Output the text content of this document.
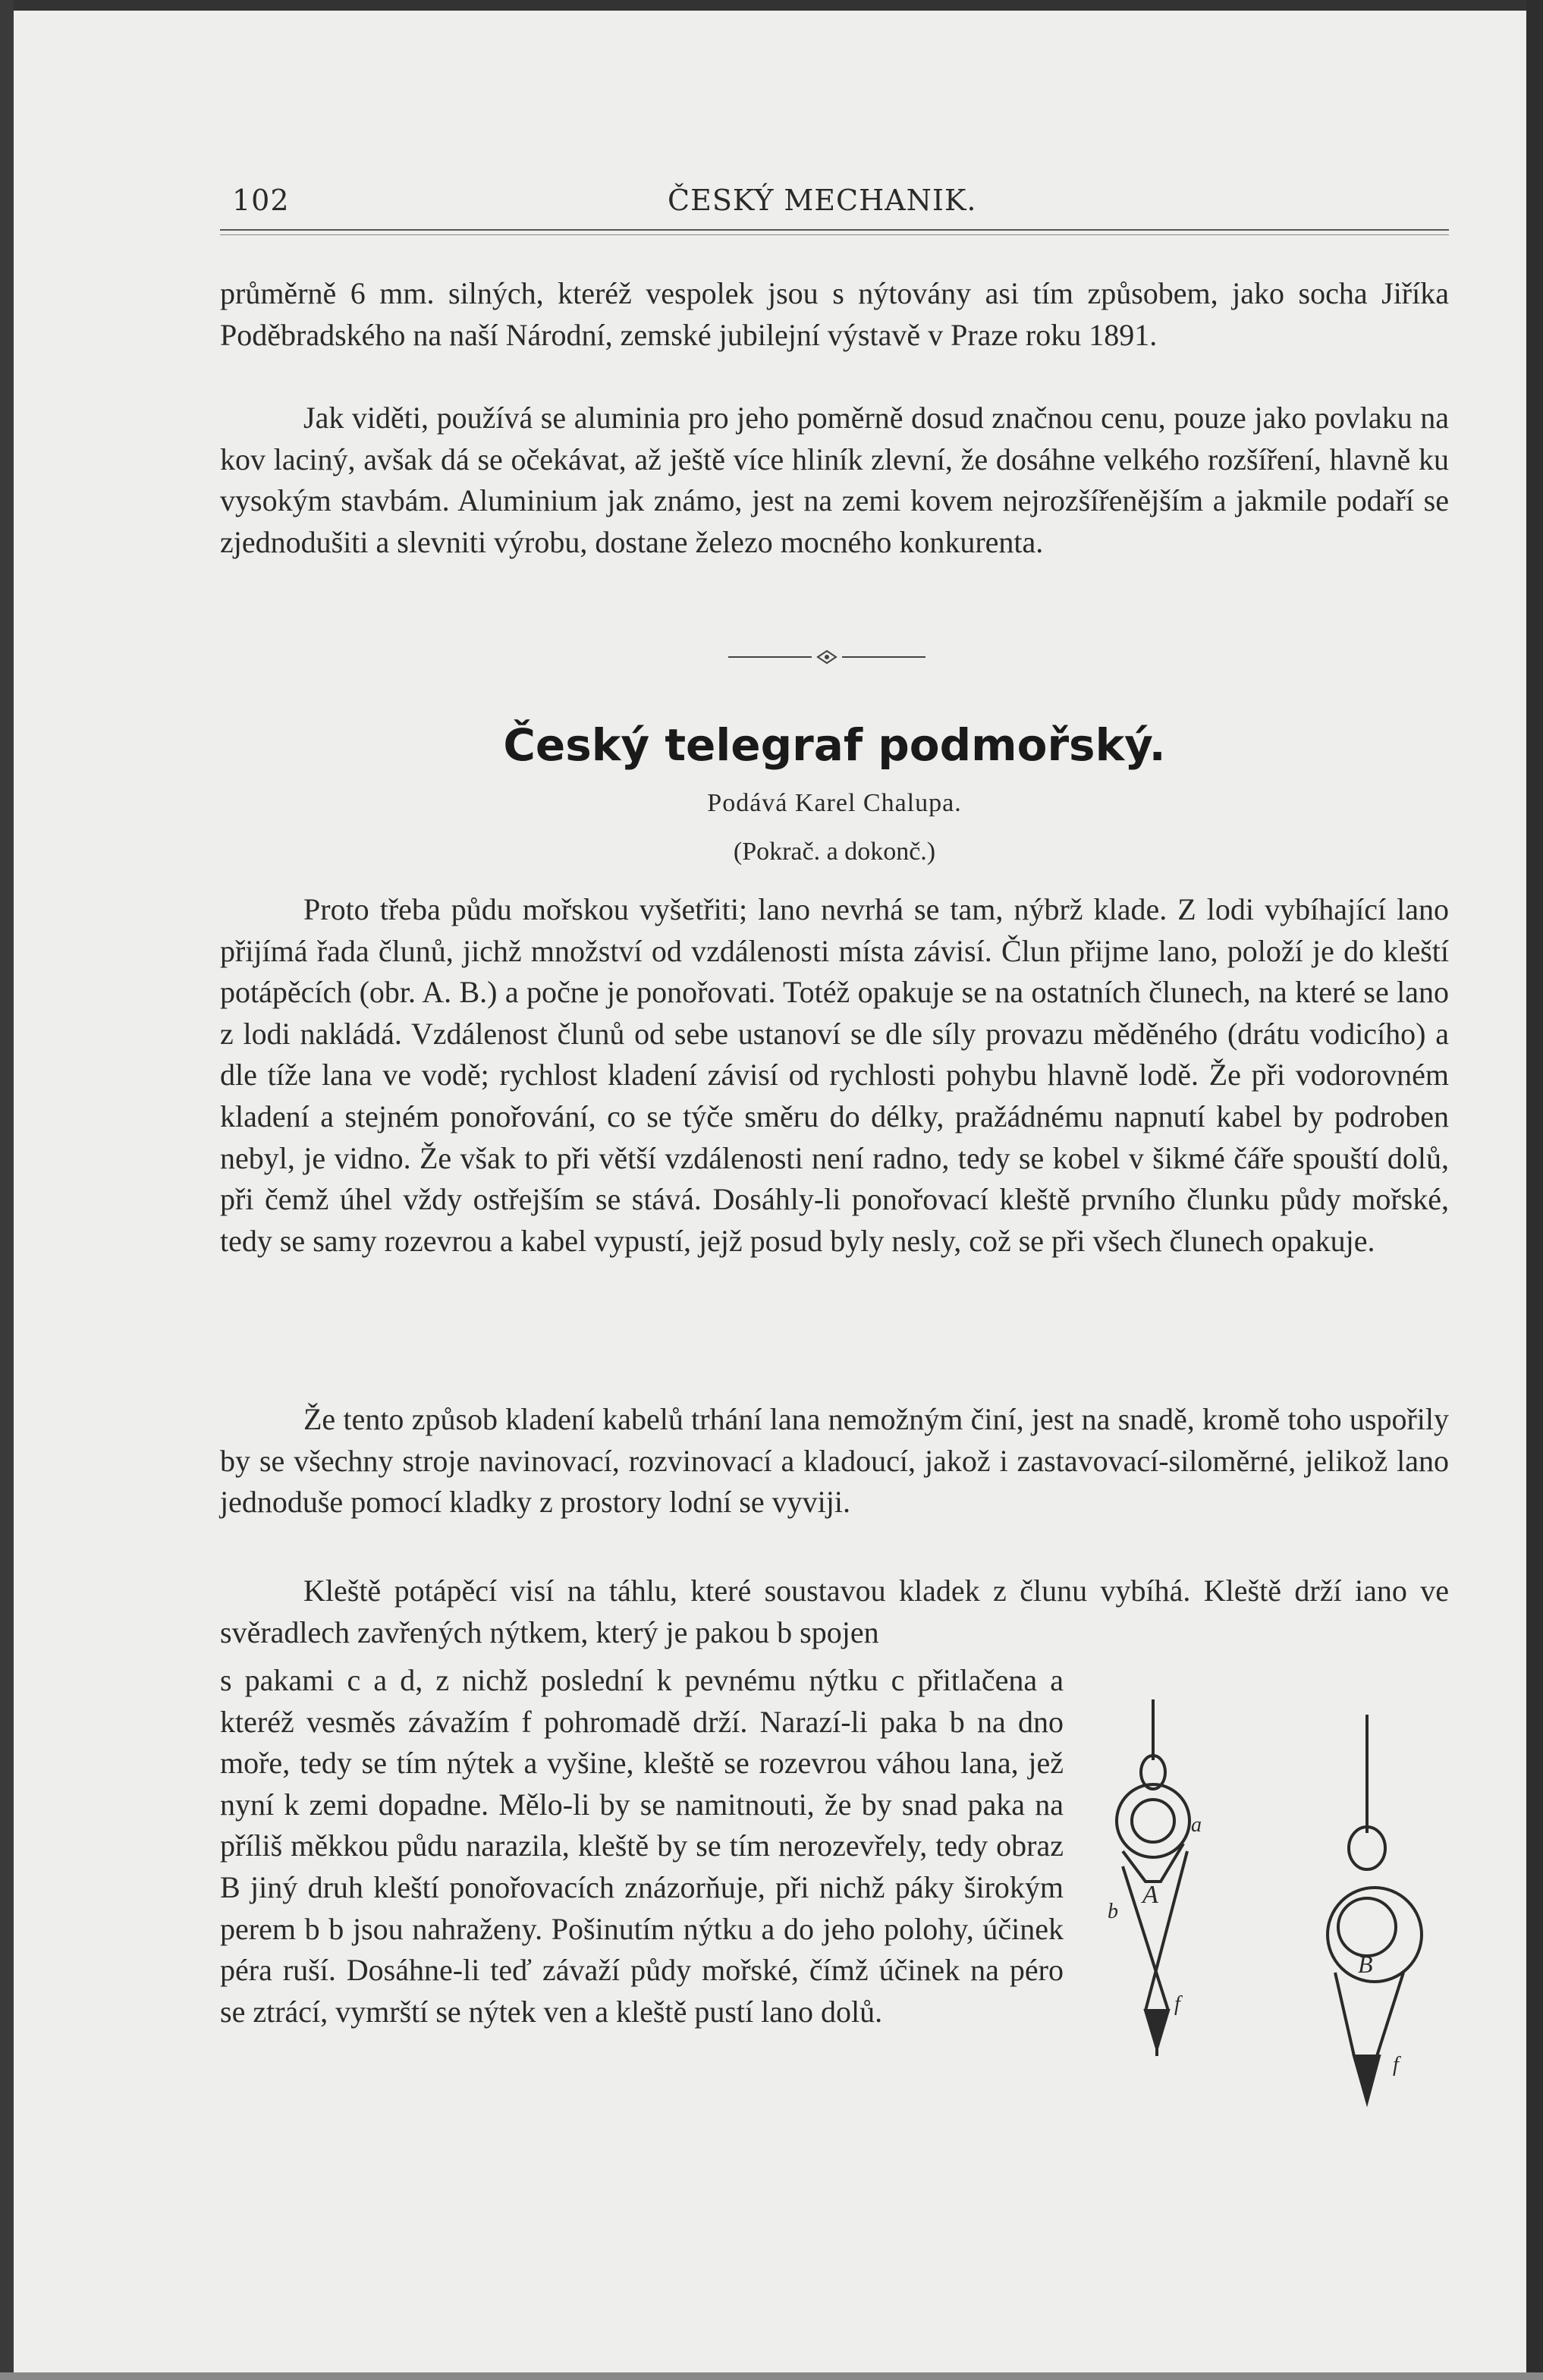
102	ČESKÝ MECHANIK.

průměrně 6 mm. silných, kteréž vespolek jsou s nýtovány asi tím způsobem, jako socha Jiříka Poděbradského na naší Národní, zemské jubilejní výstavě v Praze roku 1891.

Jak viděti, používá se aluminia pro jeho poměrně dosud značnou cenu, pouze jako povlaku na kov laciný, avšak dá se očekávat, až ještě více hliník zlevní, že dosáhne velkého rozšíření, hlavně ku vysokým stavbám. Aluminium jak známo, jest na zemi kovem nejrozšířenějším a jakmile podaří se zjednodušiti a slevniti výrobu, dostane železo mocného konkurenta.

Český telegraf podmořský.
Podává Karel Chalupa.
(Pokrač. a dokonč.)

Proto třeba půdu mořskou vyšetřiti; lano nevrhá se tam, nýbrž klade. Z lodi vybíhající lano přijímá řada člunů, jichž množství od vzdálenosti místa závisí. Člun přijme lano, položí je do kleští potápěcích (obr. A. B.) a počne je ponořovati. Totéž opakuje se na ostatních člunech, na které se lano z lodi nakládá. Vzdálenost člunů od sebe ustanoví se dle síly provazu měděného (drátu vodicího) a dle tíže lana ve vodě; rychlost kladení závisí od rychlosti pohybu hlavně lodě. Že při vodorovném kladení a stejném ponořování, co se týče směru do délky, pražádnému napnutí kabel by podroben nebyl, je vidno. Že však to při větší vzdálenosti není radno, tedy se kobel v šikmé čáře spouští dolů, při čemž úhel vždy ostřejším se stává. Dosáhly-li ponořovací kleště prvního člunku půdy mořské, tedy se samy rozevrou a kabel vypustí, jejž posud byly nesly, což se při všech člunech opakuje.

Že tento způsob kladení kabelů trhání lana nemožným činí, jest na snadě, kromě toho uspořily by se všechny stroje navinovací, rozvinovací a kladoucí, jakož i zastavovací-siloměrné, jelikož lano jednoduše pomocí kladky z prostory lodní se vyviji.

Kleště potápěcí visí na táhlu, které soustavou kladek z člunu vybíhá. Kleště drží iano ve svěradlech zavřených nýtkem, který je pakou b spojen

s pakami c a d, z nichž poslední k pevnému nýtku c přitlačena a kteréž vesměs závažím f pohromadě drží. Narazí-li paka b na dno moře, tedy se tím nýtek a vyšine, kleště se rozevrou váhou lana, jež nyní k zemi dopadne. Mělo-li by se namitnouti, že by snad paka na příliš měkkou půdu narazila, kleště by se tím nerozevřely, tedy obraz B jiný druh kleští ponořovacích znázorňuje, při nichž páky širokým perem b b jsou nahraženy. Pošinutím nýtku a do jeho polohy, účinek péra ruší. Dosáhne-li teď závaží půdy mořské, čímž účinek na péro se ztrácí, vymrští se nýtek ven a kleště pustí lano dolů.

A
a
b
f
B
f
